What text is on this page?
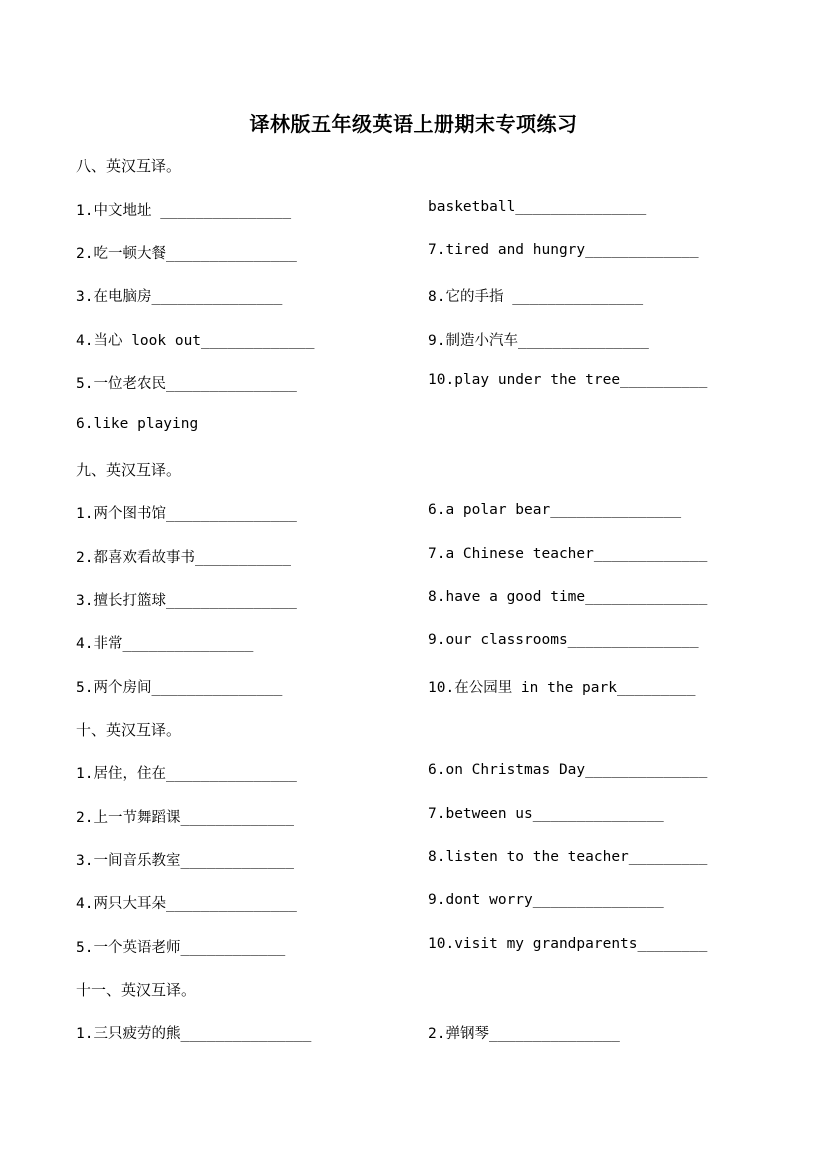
译林版五年级英语上册期末专项练习
八、英汉互译。
1.中文地址 _______________	basketball_______________
2.吃一顿大餐_______________	7.tired and hungry_____________
3.在电脑房_______________	8.它的手指 _______________
4.当心 look out_____________	9.制造小汽车_______________
5.一位老农民_______________	10.play under the tree__________
6.like playing
九、英汉互译。
1.两个图书馆_______________	6.a polar bear_______________
2.都喜欢看故事书___________	7.a Chinese teacher_____________
3.擅长打篮球_______________	8.have a good time______________
4.非常_______________	9.our classrooms_______________
5.两个房间_______________	10.在公园里 in the park_________
十、英汉互译。
1.居住，住在_______________	6.on Christmas Day______________
2.上一节舞蹈课_____________	7.between us_______________
3.一间音乐教室_____________	8.listen to the teacher_________
4.两只大耳朵_______________	9.dont worry_______________
5.一个英语老师____________	10.visit my grandparents________
十一、英汉互译。
1.三只疲劳的熊_______________	2.弹钢琴_______________
